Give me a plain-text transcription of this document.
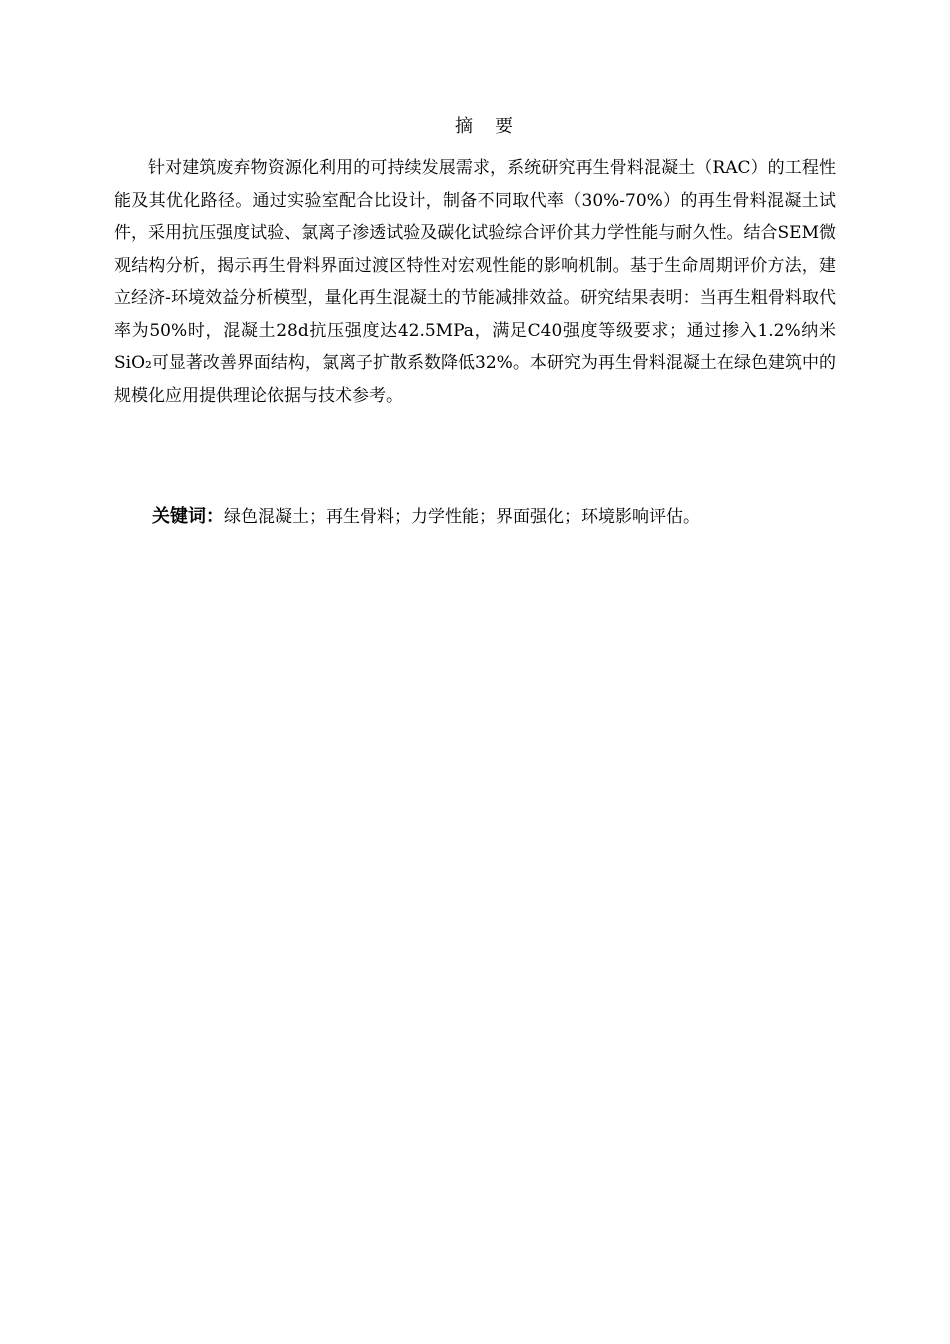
摘要

针对建筑废弃物资源化利用的可持续发展需求，系统研究再生骨料混凝土（RAC）的工程性能及其优化路径。通过实验室配合比设计，制备不同取代率（30%-70%）的再生骨料混凝土试件，采用抗压强度试验、氯离子渗透试验及碳化试验综合评价其力学性能与耐久性。结合SEM微观结构分析，揭示再生骨料界面过渡区特性对宏观性能的影响机制。基于生命周期评价方法，建立经济-环境效益分析模型，量化再生混凝土的节能减排效益。研究结果表明：当再生粗骨料取代率为50%时，混凝土28d抗压强度达42.5MPa，满足C40强度等级要求；通过掺入1.2%纳米SiO₂可显著改善界面结构，氯离子扩散系数降低32%。本研究为再生骨料混凝土在绿色建筑中的规模化应用提供理论依据与技术参考。

关键词：绿色混凝土；再生骨料；力学性能；界面强化；环境影响评估。
